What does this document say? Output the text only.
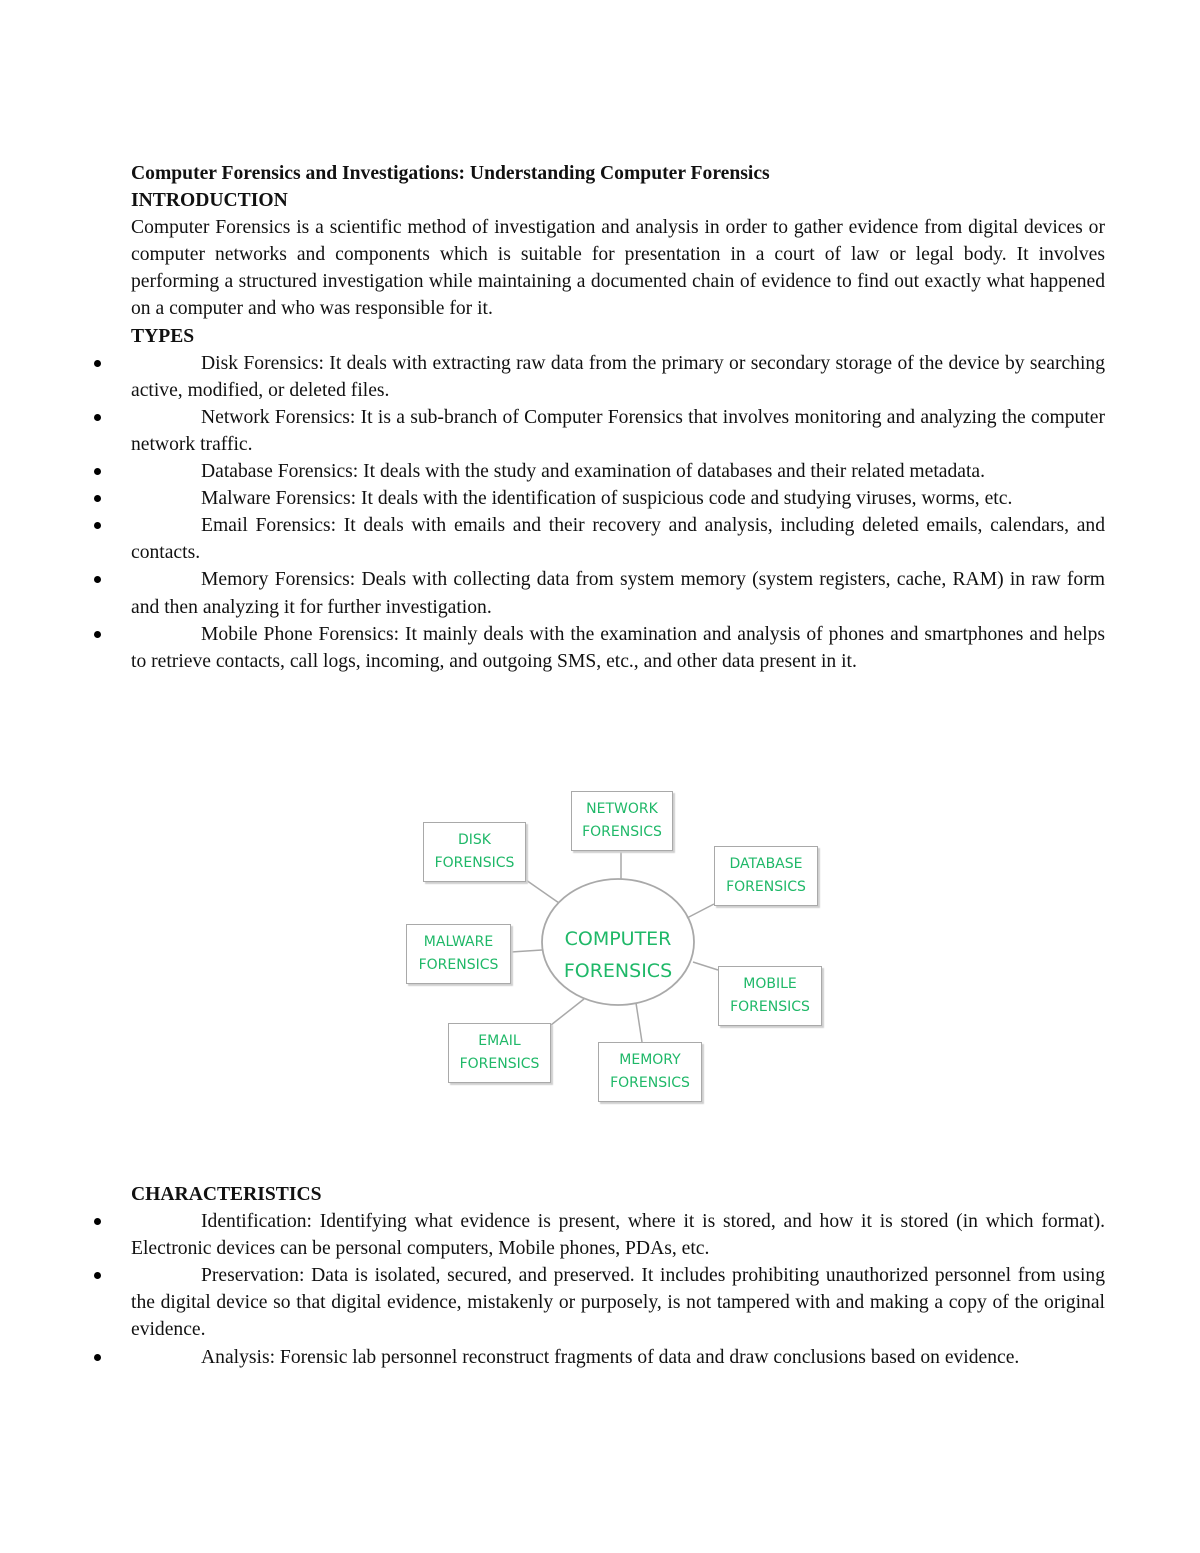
Computer Forensics and Investigations: Understanding Computer Forensics

INTRODUCTION

Computer Forensics is a scientific method of investigation and analysis in order to gather evidence from digital devices or computer networks and components which is suitable for presentation in a court of law or legal body. It involves performing a structured investigation while maintaining a documented chain of evidence to find out exactly what happened on a computer and who was responsible for it.

TYPES

Disk Forensics: It deals with extracting raw data from the primary or secondary storage of the device by searching active, modified, or deleted files.
Network Forensics: It is a sub-branch of Computer Forensics that involves monitoring and analyzing the computer network traffic.
Database Forensics: It deals with the study and examination of databases and their related metadata.
Malware Forensics: It deals with the identification of suspicious code and studying viruses, worms, etc.
Email Forensics: It deals with emails and their recovery and analysis, including deleted emails, calendars, and contacts.
Memory Forensics: Deals with collecting data from system memory (system registers, cache, RAM) in raw form and then analyzing it for further investigation.
Mobile Phone Forensics: It mainly deals with the examination and analysis of phones and smartphones and helps to retrieve contacts, call logs, incoming, and outgoing SMS, etc., and other data present in it.
COMPUTER
FORENSICS
NETWORK
FORENSICS
DISK
FORENSICS	DATABASE
FORENSICS
MALWARE
FORENSICS
MOBILE
FORENSICS
EMAIL
FORENSICS	MEMORY
FORENSICS

CHARACTERISTICS

Identification: Identifying what evidence is present, where it is stored, and how it is stored (in which format). Electronic devices can be personal computers, Mobile phones, PDAs, etc.
Preservation: Data is isolated, secured, and preserved. It includes prohibiting unauthorized personnel from using the digital device so that digital evidence, mistakenly or purposely, is not tampered with and making a copy of the original evidence.
Analysis: Forensic lab personnel reconstruct fragments of data and draw conclusions based on evidence.
